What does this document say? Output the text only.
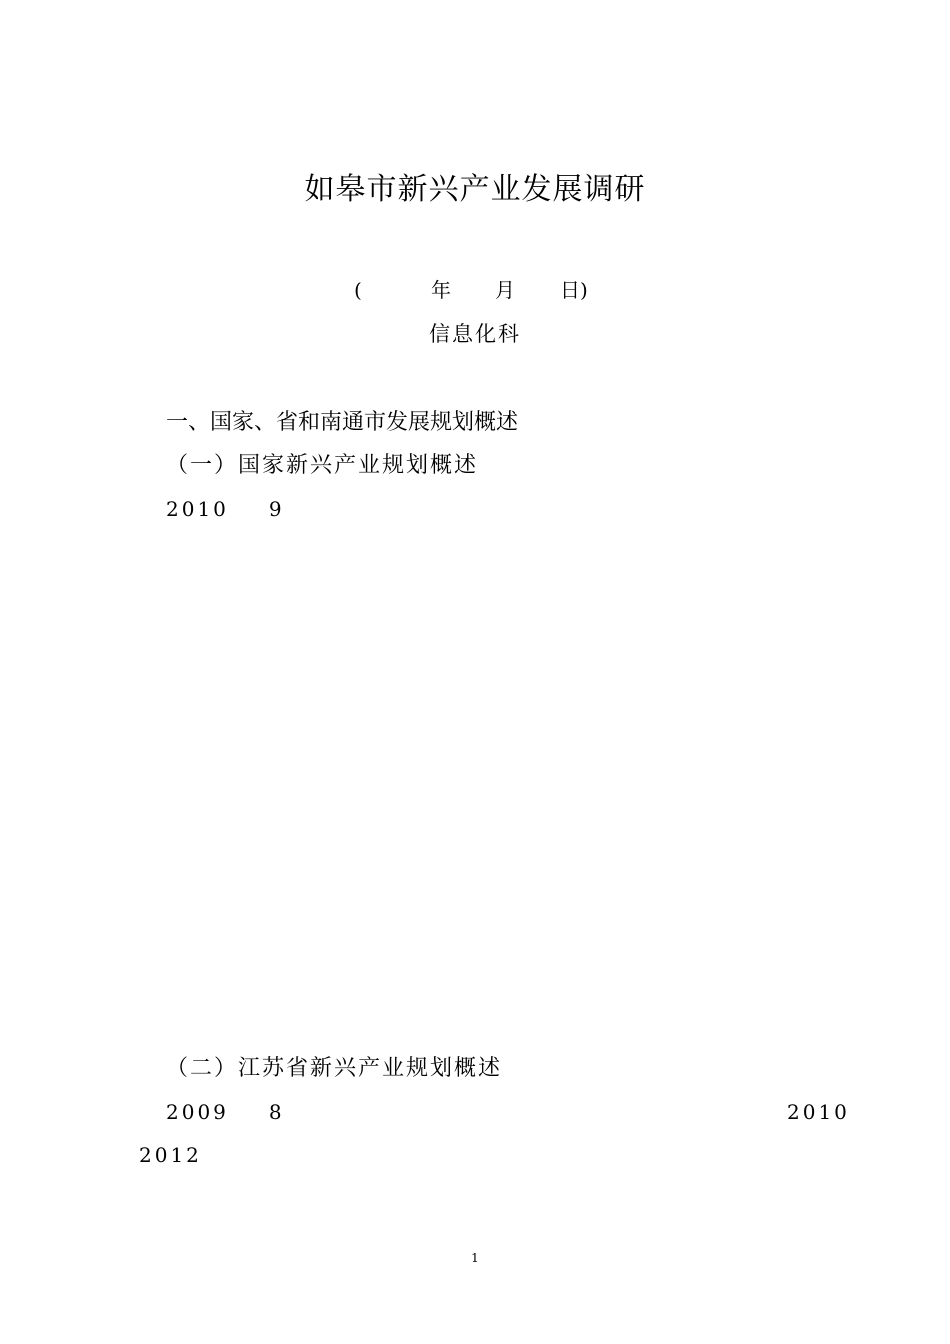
如皋市新兴产业发展调研
(	年 月 日)
信息化科
一、国家、省和南通市发展规划概述
（一）国家新兴产业规划概述
2010 9
（二）江苏省新兴产业规划概述
2009 8	2010
2012
1
